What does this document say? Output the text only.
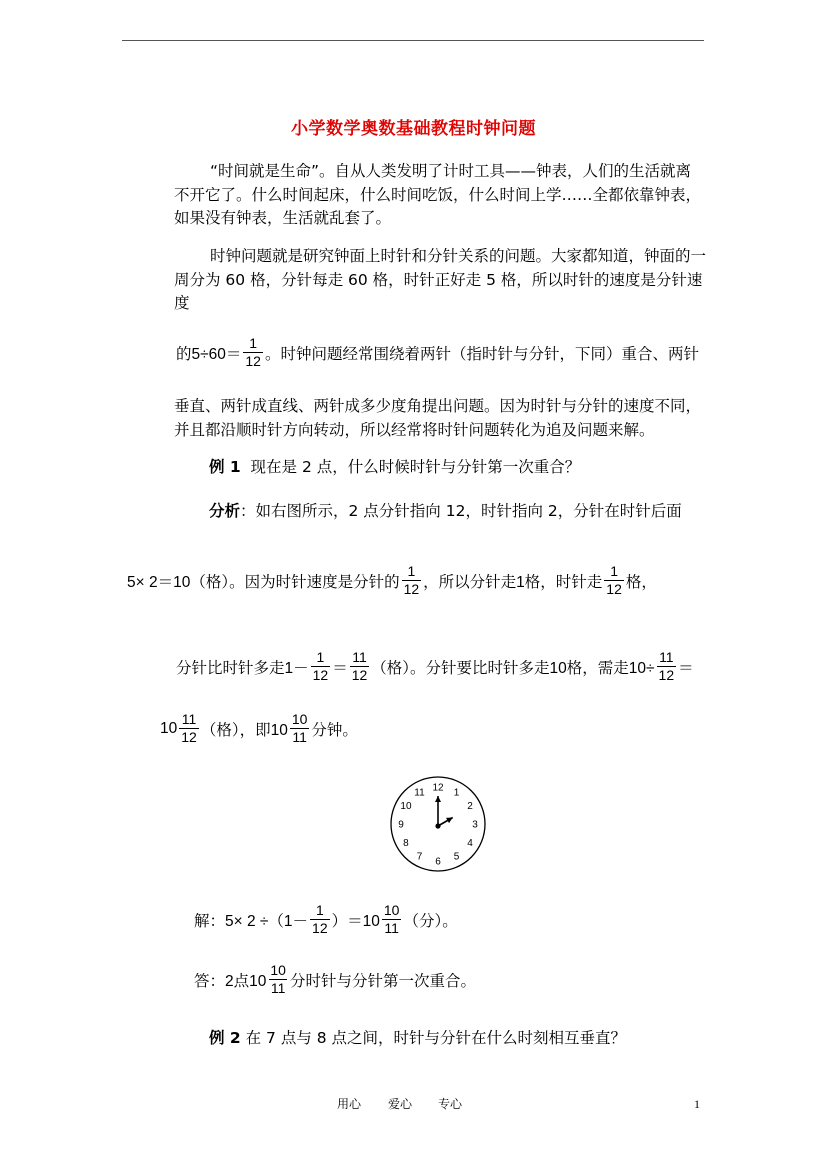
小学数学奥数基础教程时钟问题
“时间就是生命”。自从人类发明了计时工具——钟表，人们的生活就离不开它了。什么时间起床，什么时间吃饭，什么时间上学……全都依靠钟表，如果没有钟表，生活就乱套了。
时钟问题就是研究钟面上时针和分针关系的问题。大家都知道，钟面的一周分为 60 格，分针每走 60 格，时针正好走 5 格，所以时针的速度是分针速度
的$5\div 60= \frac{1}{12}$ 。时钟问题经常围绕着两针（指时针与分针，下同）重合、两针
垂直、两针成直线、两针成多少度角提出问题。因为时针与分针的速度不同，并且都沿顺时针方向转动，所以经常将时针问题转化为追及问题来解。
例 1 现在是 2 点，什么时候时针与分针第一次重合？
分析 ：如右图所示，2 点分针指向 12，时针指向 2，分针在时针后面
5× 2＝10（格）。因为时针速度是分针的 $\frac{1}{12}$ ，所以分针走1格，时针走 $\frac{1}{12}$ 格，
分针比时针多走$1- \frac{1}{12} = \frac{11}{12}$ （格）。分针要比时针多走10格，需走$10\div \frac{11}{12}$ ＝
$10 \frac{11}{12}$ （格），即$10 \frac{10}{11}$ 分钟。
12 1
2
3
4
5
6
7
8
9
10
11
解：$5\times 2 \div(1- \frac{1}{12} )=10 \frac{10}{11}$ （分）。
答：2点$10 \frac{10}{11}$ 分时针与分针第一次重合。
例 2 在 7 点与 8 点之间，时针与分针在什么时刻相互垂直？
用心 爱心 专心	1
